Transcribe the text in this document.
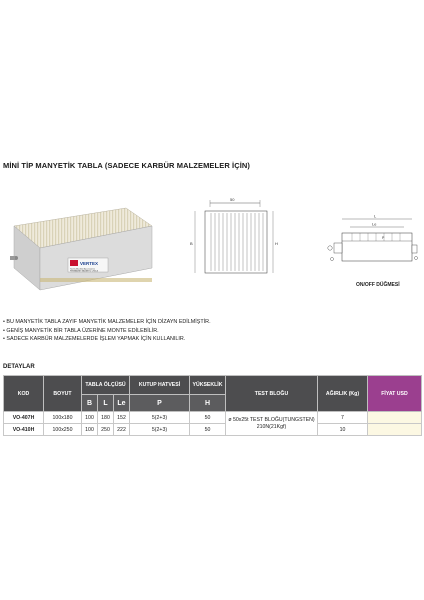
MİNİ TİP MANYETİK TABLA (SADECE KARBÜR MALZEMELER İÇİN)
VERTEX
Tool & Machine Accessories
PERMANENT MAGNETIC CHUCK
50
B	H
L
Le
P
ON/OFF DÜĞMESİ
• BU MANYETİK TABLA ZAYIF MANYETİK MALZEMELER İÇİN DİZAYN EDİLMİŞTİR.
• GENİŞ MANYETİK BİR TABLA ÜZERİNE MONTE EDİLEBİLİR.
• SADECE KARBÜR MALZEMELERDE İŞLEM YAPMAK İÇİN KULLANILIR.
DETAYLAR
KOD	BOYUT	TABLA ÖLÇÜSÜ			KUTUP HATVESİ	YÜKSEKLİK	TEST BLOĞU	AĞIRLIK (Kg)	FİYAT USD
		B	L	Le	P	H			
VO-407H	100x180	100	180	152	5(2+3)	50	ø 50x25t TEST BLOĞU(TUNGSTEN) 210N(21Kgf)	7	
VO-410H	100x250	100	250	222	5(2+3)	50		10	
